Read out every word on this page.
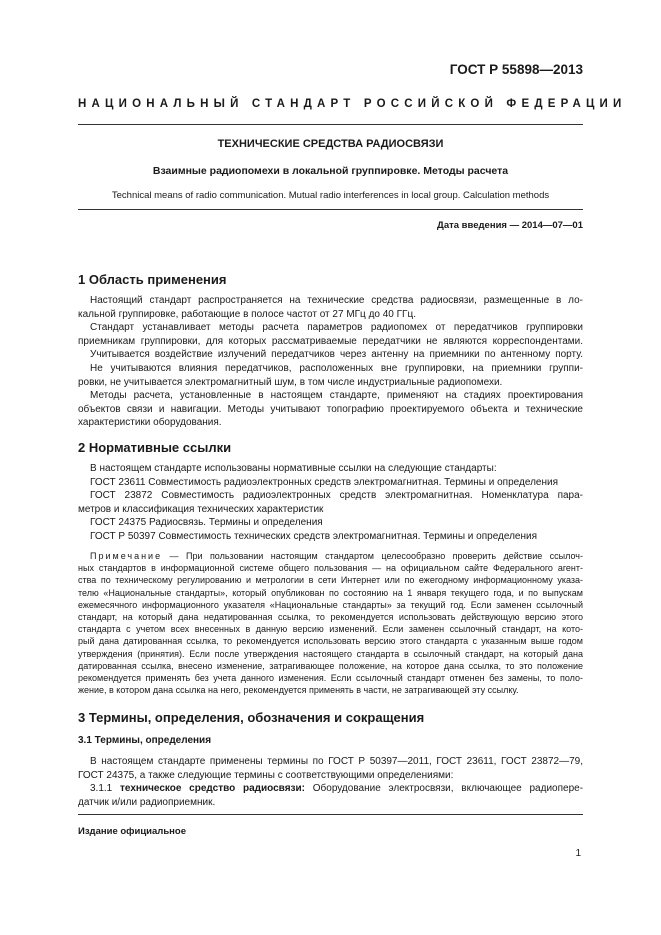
ГОСТ Р 55898—2013
НАЦИОНАЛЬНЫЙ СТАНДАРТ РОССИЙСКОЙ ФЕДЕРАЦИИ
ТЕХНИЧЕСКИЕ СРЕДСТВА РАДИОСВЯЗИ
Взаимные радиопомехи в локальной группировке. Методы расчета
Technical means of radio communication. Mutual radio interferences in local group. Calculation methods
Дата введения — 2014—07—01
1 Область применения
Настоящий стандарт распространяется на технические средства радиосвязи, размещенные в ло-
кальной группировке, работающие в полосе частот от 27 МГц до 40 ГГц.
Стандарт устанавливает методы расчета параметров радиопомех от передатчиков группировки
приемникам группировки, для которых рассматриваемые передатчики не являются корреспондентами.
Учитывается воздействие излучений передатчиков через антенну на приемники по антенному порту.
Не учитываются влияния передатчиков, расположенных вне группировки, на приемники группи-
ровки, не учитывается электромагнитный шум, в том числе индустриальные радиопомехи.
Методы расчета, установленные в настоящем стандарте, применяют на стадиях проектирования
объектов связи и навигации. Методы учитывают топографию проектируемого объекта и технические
характеристики оборудования.
2 Нормативные ссылки
В настоящем стандарте использованы нормативные ссылки на следующие стандарты:
ГОСТ 23611 Совместимость радиоэлектронных средств электромагнитная. Термины и определения
ГОСТ 23872 Совместимость радиоэлектронных средств электромагнитная. Номенклатура пара-
метров и классификация технических характеристик
ГОСТ 24375 Радиосвязь. Термины и определения
ГОСТ Р 50397 Совместимость технических средств электромагнитная. Термины и определения
Примечание — При пользовании настоящим стандартом целесообразно проверить действие ссылоч-
ных стандартов в информационной системе общего пользования — на официальном сайте Федерального агент-
ства по техническому регулированию и метрологии в сети Интернет или по ежегодному информационному указа-
телю «Национальные стандарты», который опубликован по состоянию на 1 января текущего года, и по выпускам
ежемесячного информационного указателя «Национальные стандарты» за текущий год. Если заменен ссылочный
стандарт, на который дана недатированная ссылка, то рекомендуется использовать действующую версию этого
стандарта с учетом всех внесенных в данную версию изменений. Если заменен ссылочный стандарт, на кото-
рый дана датированная ссылка, то рекомендуется использовать версию этого стандарта с указанным выше годом
утверждения (принятия). Если после утверждения настоящего стандарта в ссылочный стандарт, на который дана
датированная ссылка, внесено изменение, затрагивающее положение, на которое дана ссылка, то это положение
рекомендуется применять без учета данного изменения. Если ссылочный стандарт отменен без замены, то поло-
жение, в котором дана ссылка на него, рекомендуется применять в части, не затрагивающей эту ссылку.
3 Термины, определения, обозначения и сокращения
3.1 Термины, определения
В настоящем стандарте применены термины по ГОСТ Р 50397—2011, ГОСТ 23611, ГОСТ 23872—79,
ГОСТ 24375, а также следующие термины с соответствующими определениями:
3.1.1 техническое средство радиосвязи: Оборудование электросвязи, включающее радиопере-
датчик и/или радиоприемник.
Издание официальное
1
